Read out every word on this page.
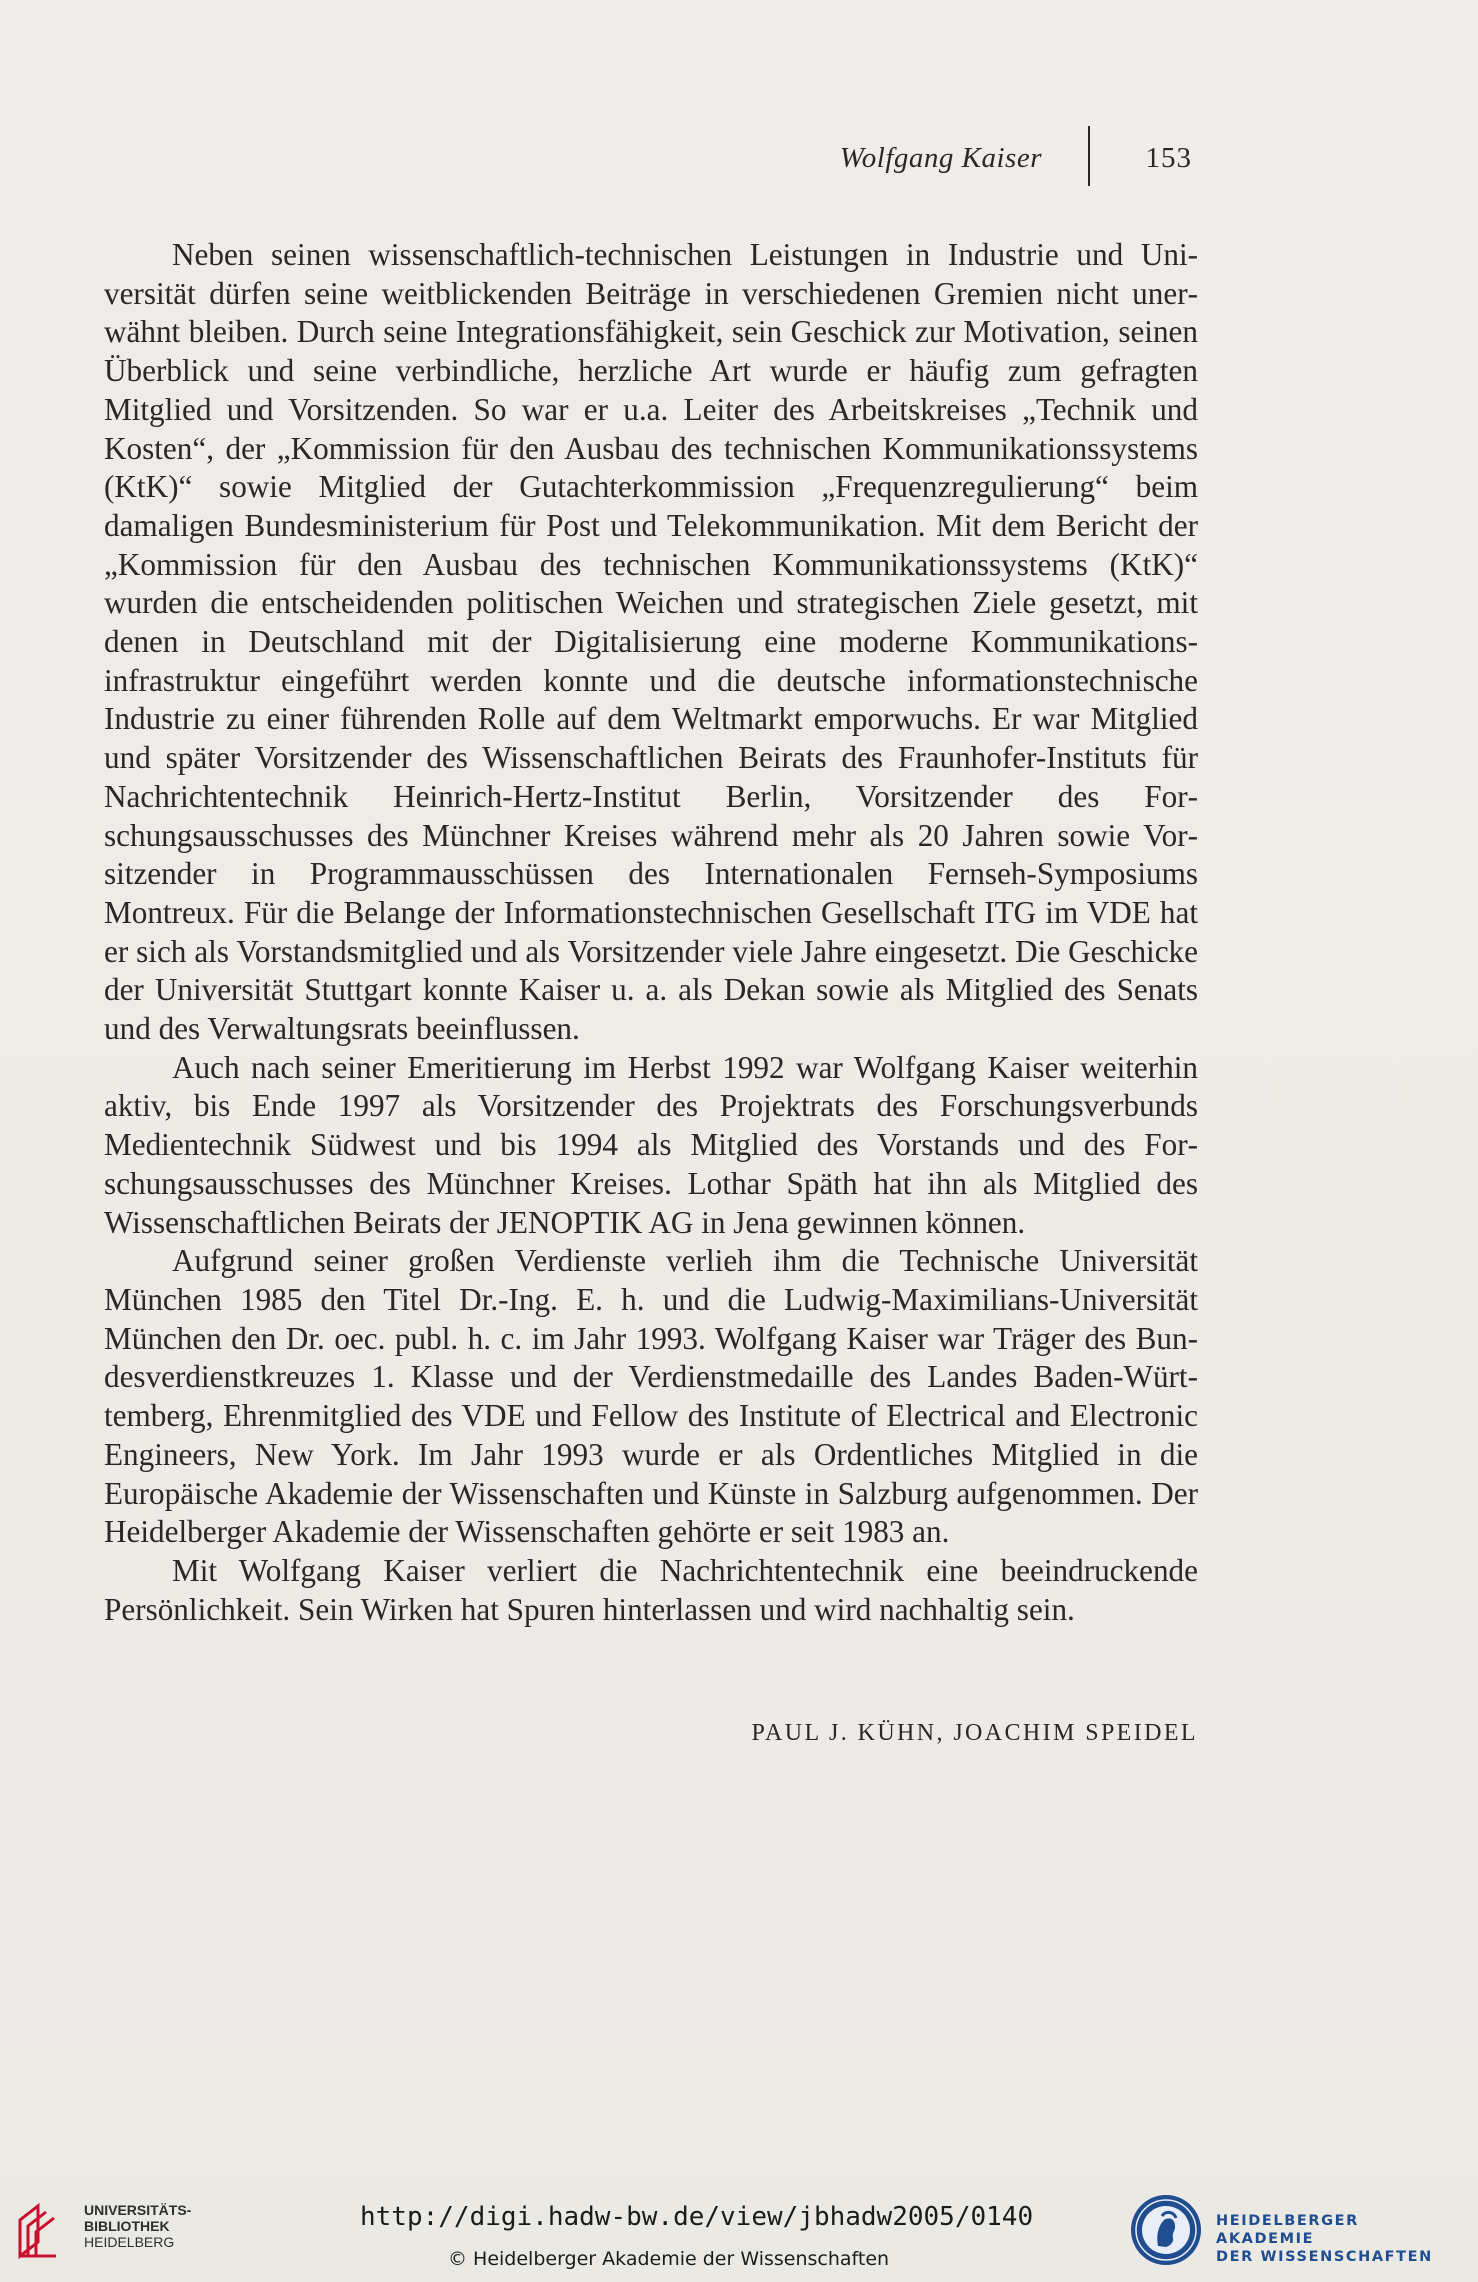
Wolfgang Kaiser	153

Neben seinen wissenschaftlich-technischen Leistungen in Industrie und Universität dürfen seine weitblickenden Beiträge in verschiedenen Gremien nicht unerwähnt bleiben. Durch seine Integrationsfähigkeit, sein Geschick zur Motivation, seinen Überblick und seine verbindliche, herzliche Art wurde er häufig zum gefragten Mitglied und Vorsitzenden. So war er u.a. Leiter des Arbeitskreises „Technik und Kosten“, der „Kommission für den Ausbau des technischen Kommunikationssystems (KtK)“ sowie Mitglied der Gutachterkommission „Frequenzregulierung“ beim damaligen Bundesministerium für Post und Telekommunikation. Mit dem Bericht der „Kommission für den Ausbau des technischen Kommunikationssystems (KtK)“ wurden die entscheidenden politischen Weichen und strategischen Ziele gesetzt, mit denen in Deutschland mit der Digitalisierung eine moderne Kommunikationsinfrastruktur eingeführt werden konnte und die deutsche informationstechnische Industrie zu einer führenden Rolle auf dem Weltmarkt emporwuchs. Er war Mitglied und später Vorsitzender des Wissenschaftlichen Beirats des Fraunhofer-Instituts für Nachrichtentechnik Heinrich-Hertz-Institut Berlin, Vorsitzender des Forschungsausschusses des Münchner Kreises während mehr als 20 Jahren sowie Vorsitzender in Programmausschüssen des Internationalen Fernseh-Symposiums Montreux. Für die Belange der Informationstechnischen Gesellschaft ITG im VDE hat er sich als Vorstandsmitglied und als Vorsitzender viele Jahre eingesetzt. Die Geschicke der Universität Stuttgart konnte Kaiser u. a. als Dekan sowie als Mitglied des Senats und des Verwaltungsrats beeinflussen.

Auch nach seiner Emeritierung im Herbst 1992 war Wolfgang Kaiser weiterhin aktiv, bis Ende 1997 als Vorsitzender des Projektrats des Forschungsverbunds Medientechnik Südwest und bis 1994 als Mitglied des Vorstands und des Forschungsausschusses des Münchner Kreises. Lothar Späth hat ihn als Mitglied des Wissenschaftlichen Beirats der JENOPTIK AG in Jena gewinnen können.

Aufgrund seiner großen Verdienste verlieh ihm die Technische Universität München 1985 den Titel Dr.-Ing. E. h. und die Ludwig-Maximilians-Universität München den Dr. oec. publ. h. c. im Jahr 1993. Wolfgang Kaiser war Träger des Bundesverdienstkreuzes 1. Klasse und der Verdienstmedaille des Landes Baden-Württemberg, Ehrenmitglied des VDE und Fellow des Institute of Electrical and Electronic Engineers, New York. Im Jahr 1993 wurde er als Ordentliches Mitglied in die Europäische Akademie der Wissenschaften und Künste in Salzburg aufgenommen. Der Heidelberger Akademie der Wissenschaften gehörte er seit 1983 an.

Mit Wolfgang Kaiser verliert die Nachrichtentechnik eine beeindruckende Persönlichkeit. Sein Wirken hat Spuren hinterlassen und wird nachhaltig sein.

PAUL J. KÜHN, JOACHIM SPEIDEL
UNIVERSITÄTS-
BIBLIOTHEK
HEIDELBERG
http://digi.hadw-bw.de/view/jbhadw2005/0140
© Heidelberger Akademie der Wissenschaften
HEIDELBERGER AKADEMIE
DER WISSENSCHAFTEN
